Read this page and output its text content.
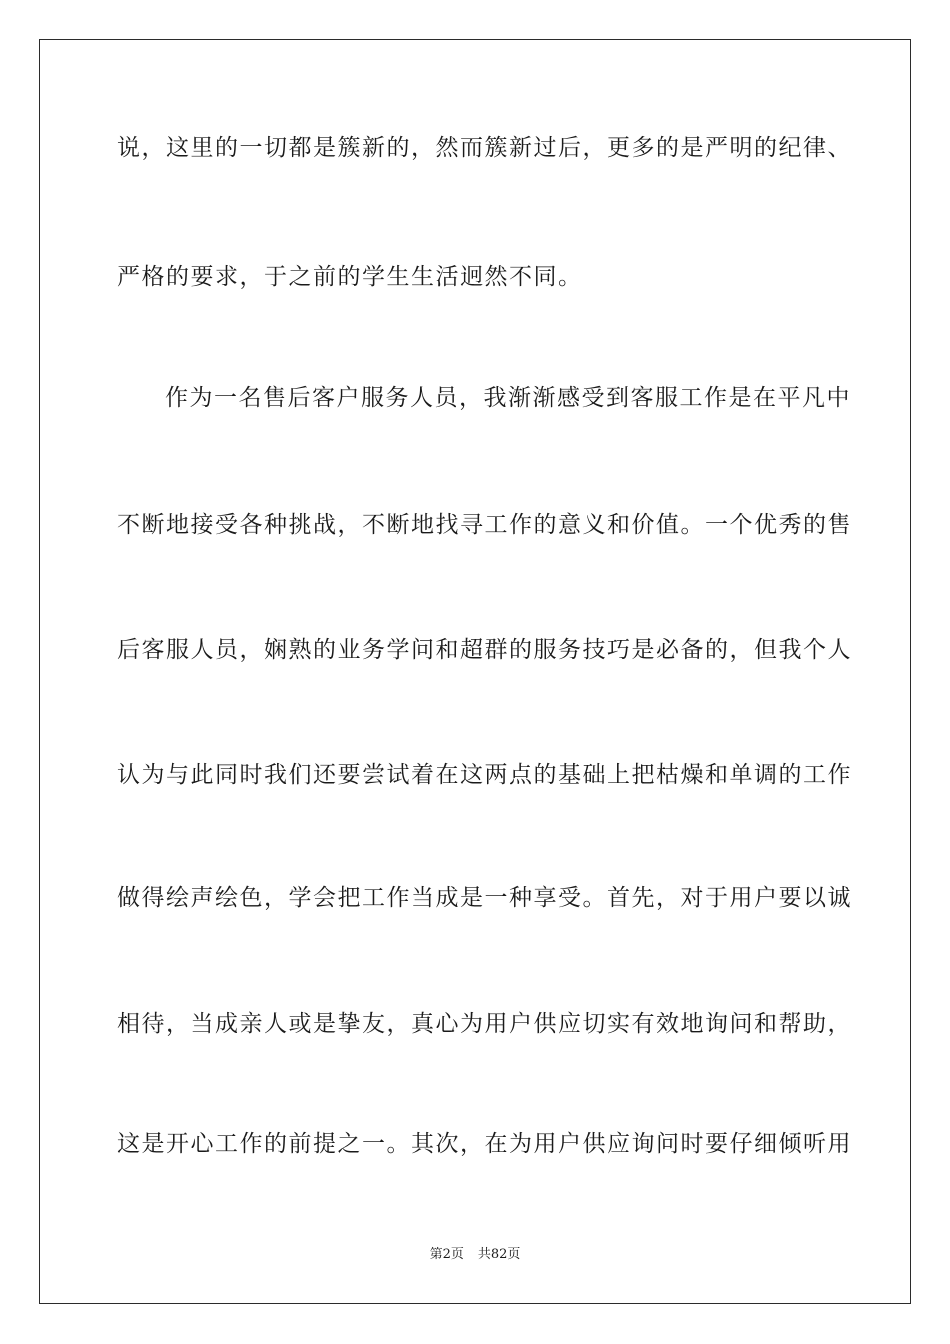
说，这里的一切都是簇新的，然而簇新过后，更多的是严明的纪律、
严格的要求，于之前的学生生活迥然不同。
作为一名售后客户服务人员，我渐渐感受到客服工作是在平凡中
不断地接受各种挑战，不断地找寻工作的意义和价值。一个优秀的售
后客服人员，娴熟的业务学问和超群的服务技巧是必备的，但我个人
认为与此同时我们还要尝试着在这两点的基础上把枯燥和单调的工作
做得绘声绘色，学会把工作当成是一种享受。首先，对于用户要以诚
相待，当成亲人或是挚友，真心为用户供应切实有效地询问和帮助，
这是开心工作的前提之一。其次，在为用户供应询问时要仔细倾听用
第2页 共82页
